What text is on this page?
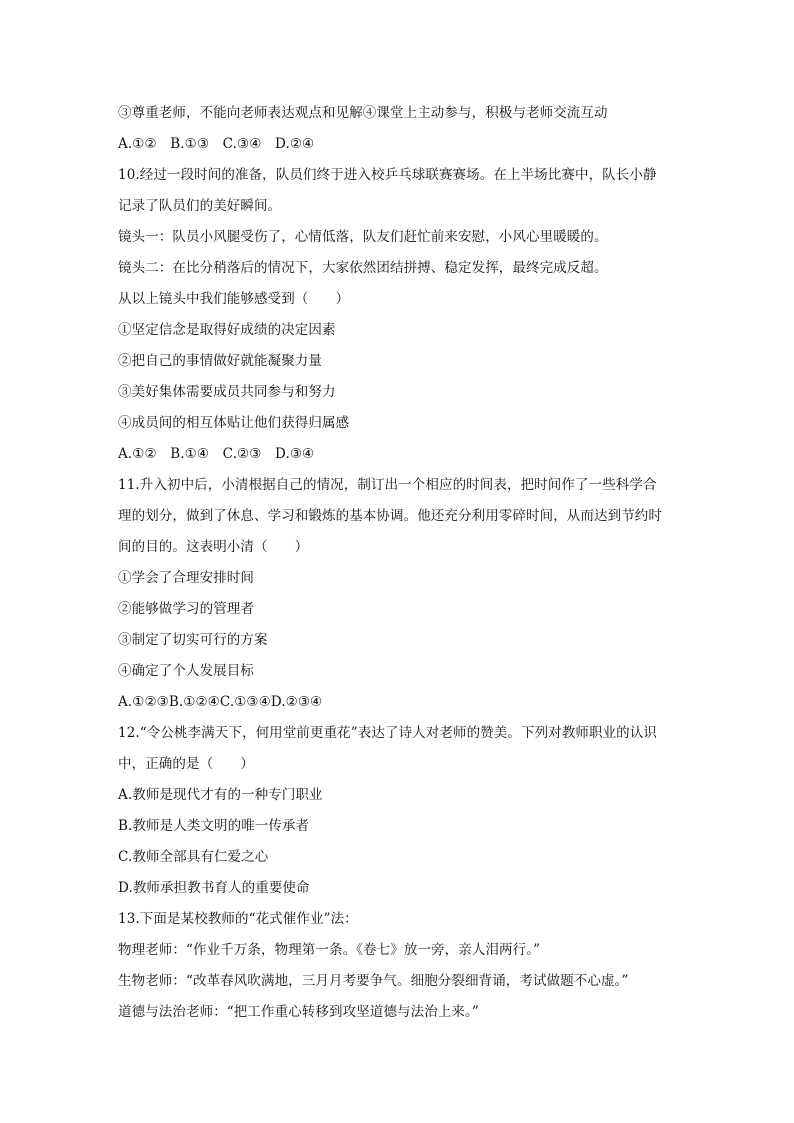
③尊重老师，不能向老师表达观点和见解④课堂上主动参与，积极与老师交流互动
A.①②　B.①③　C.③④　D.②④
10.经过一段时间的准备，队员们终于进入校乒乓球联赛赛场。在上半场比赛中，队长小静
记录了队员们的美好瞬间。
镜头一：队员小风腿受伤了，心情低落，队友们赶忙前来安慰，小风心里暖暖的。
镜头二：在比分稍落后的情况下，大家依然团结拼搏、稳定发挥，最终完成反超。
从以上镜头中我们能够感受到（　　）
①坚定信念是取得好成绩的决定因素
②把自己的事情做好就能凝聚力量
③美好集体需要成员共同参与和努力
④成员间的相互体贴让他们获得归属感
A.①②　B.①④　C.②③　D.③④
11.升入初中后，小清根据自己的情况，制订出一个相应的时间表，把时间作了一些科学合
理的划分，做到了休息、学习和锻炼的基本协调。他还充分利用零碎时间，从而达到节约时
间的目的。这表明小清（　　）
①学会了合理安排时间
②能够做学习的管理者
③制定了切实可行的方案
④确定了个人发展目标
A.①②③B.①②④C.①③④D.②③④
12.“令公桃李满天下，何用堂前更重花”表达了诗人对老师的赞美。下列对教师职业的认识
中，正确的是（　　）
A.教师是现代才有的一种专门职业
B.教师是人类文明的唯一传承者
C.教师全部具有仁爱之心
D.教师承担教书育人的重要使命
13.下面是某校教师的“花式催作业”法：
物理老师：“作业千万条，物理第一条。《卷七》放一旁，亲人泪两行。”
生物老师：“改革春风吹满地，三月月考要争气。细胞分裂细背诵，考试做题不心虚。”
道德与法治老师：“把工作重心转移到攻坚道德与法治上来。”
